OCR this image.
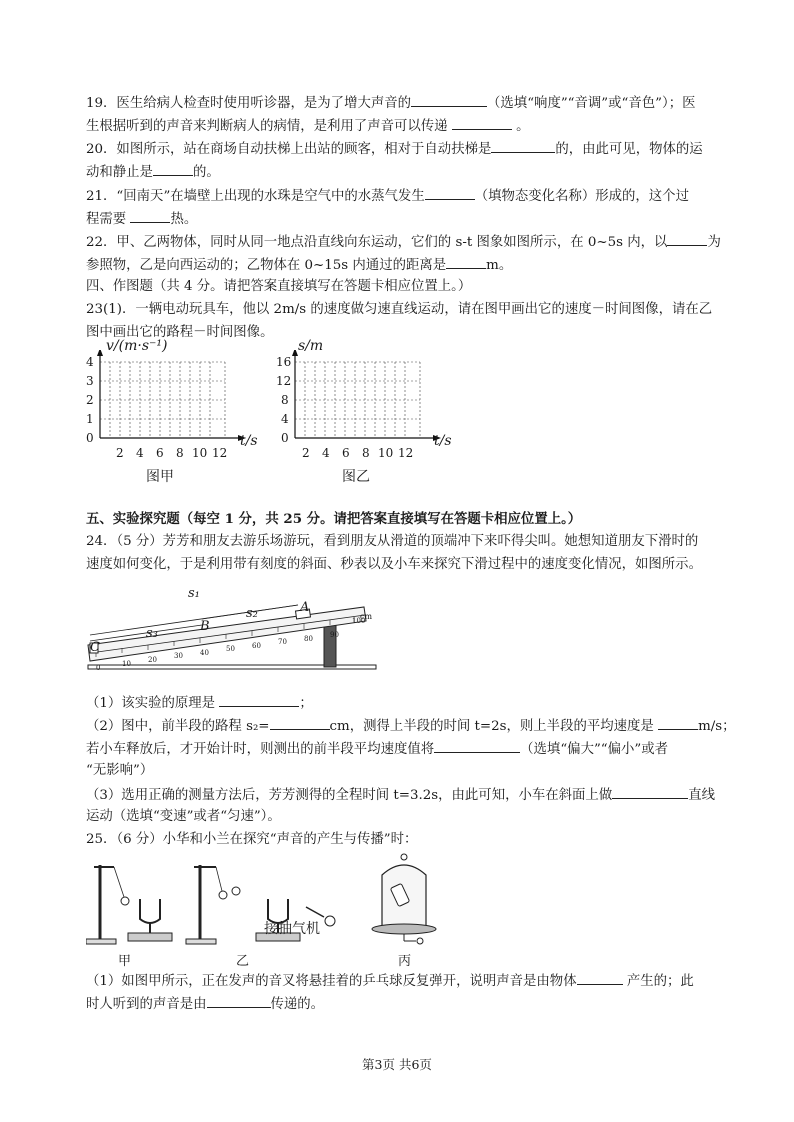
19．医生给病人检查时使用听诊器，是为了增大声音的	（选填“响度”“音调”或“音色”）；医
生根据听到的声音来判断病人的病情，是利用了声音可以传递	。
20．如图所示，站在商场自动扶梯上出站的顾客，相对于自动扶梯是	的，由此可见，物体的运
动和静止是	的。
21．“回南天”在墙壁上出现的水珠是空气中的水蒸气发生	（填物态变化名称）形成的，这个过
程需要	热。
22．甲、乙两物体，同时从同一地点沿直线向东运动，它们的 s-t 图象如图所示，在 0~5s 内，以	为
参照物，乙是向西运动的；乙物体在 0~15s 内通过的距离是	m。
四、作图题（共 4 分。请把答案直接填写在答题卡相应位置上。）
23(1)．一辆电动玩具车，他以 2m/s 的速度做匀速直线运动，请在图甲画出它的速度－时间图像，请在乙
图中画出它的路程－时间图像。
v/(m·s⁻¹)
4
3
2
1
0	t/s
2 4 6 8 10 12
图甲
s/m
16
12
8
4
0	t/s
2 4 6 8 10 12
图乙
五、实验探究题（每空 1 分，共 25 分。请把答案直接填写在答题卡相应位置上。）
24．（5 分）芳芳和朋友去游乐场游玩，看到朋友从滑道的顶端冲下来吓得尖叫。她想知道朋友下滑时的
速度如何变化，于是利用带有刻度的斜面、秒表以及小车来探究下滑过程中的速度变化情况，如图所示。
s₁
s₂
s₃
A
B
C
cm
0	10 20 30 40 50 60 70 80 90
100
（1）该实验的原理是	；
（2）图中，前半段的路程 s₂=	cm，测得上半段的时间 t=2s，则上半段的平均速度是	m/s；
若小车释放后，才开始计时，则测出的前半段平均速度值将	（选填“偏大”“偏小”或者
“无影响”）
（3）选用正确的测量方法后，芳芳测得的全程时间 t=3.2s，由此可知，小车在斜面上做	直线
运动（选填“变速”或者“匀速”）。
25．（6 分）小华和小兰在探究“声音的产生与传播”时：
接抽气机
甲	乙	丙
（1）如图甲所示，正在发声的音叉将悬挂着的乒乓球反复弹开，说明声音是由物体	产生的；此
时人听到的声音是由	传递的。
第3页 共6页
